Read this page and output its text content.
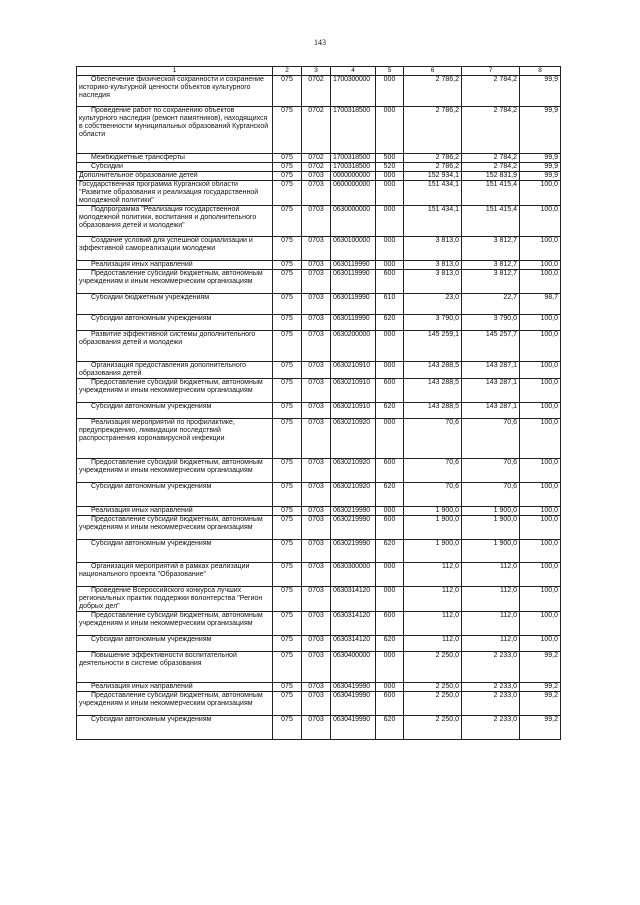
143
1	2	3	4	5	6	7	8

Обеспечение физической сохранности и сохранение историко-культурной ценности объектов культурного наследия	075	0702	1700300000	000	2 786,2	2 784,2	99,9

Проведение работ по сохранению объектов культурного наследия (ремонт памятников), находящихся в собственности муниципальных образований Курганской области	075	0702	1700318500	000	2 786,2	2 784,2	99,9

Межбюджетные трансферты	075	0702	1700318500	500	2 786,2	2 784,2	99,9

Субсидии	075	0702	1700318500	520	2 786,2	2 784,2	99,9
Дополнительное образование детей	075	0703	0000000000	000	152 934,1	152 831,9	99,9
Государственная программа Курганской области "Развитие образования и реализация государственной молодежной политики"	075	0703	0600000000	000	151 434,1	151 415,4	100,0

Подпрограмма "Реализация государственной молодежной политики, воспитания и дополнительного образования детей и молодежи"	075	0703	0630000000	000	151 434,1	151 415,4	100,0

Создание условий для успешной социализации и эффективной самореализации молодежи	075	0703	0630100000	000	3 813,0	3 812,7	100,0

Реализация иных направлений	075	0703	0630119990	000	3 813,0	3 812,7	100,0

Предоставление субсидий бюджетным, автономным учреждениям и иным некоммерческим организациям	075	0703	0630119990	600	3 813,0	3 812,7	100,0

Субсидии бюджетным учреждениям	075	0703	0630119990	610	23,0	22,7	98,7

Субсидии автономным учреждениям	075	0703	0630119990	620	3 790,0	3 790,0	100,0

Развитие эффективной системы дополнительного образования детей и молодежи	075	0703	0630200000	000	145 259,1	145 257,7	100,0

Организация предоставления дополнительного образования детей	075	0703	0630210910	000	143 288,5	143 287,1	100,0

Предоставление субсидий бюджетным, автономным учреждениям и иным некоммерческим организациям	075	0703	0630210910	600	143 288,5	143 287,1	100,0

Субсидии автономным учреждениям	075	0703	0630210910	620	143 288,5	143 287,1	100,0

Реализация мероприятий по профилактике, предупреждению, ликвидации последствий распространения коронавирусной инфекции	075	0703	0630210920	000	70,6	70,6	100,0

Предоставление субсидий бюджетным, автономным учреждениям и иным некоммерческим организациям	075	0703	0630210920	600	70,6	70,6	100,0

Субсидии автономным учреждениям	075	0703	0630210920	620	70,6	70,6	100,0

Реализация иных направлений	075	0703	0630219990	000	1 900,0	1 900,0	100,0

Предоставление субсидий бюджетным, автономным учреждениям и иным некоммерческим организациям	075	0703	0630219990	600	1 900,0	1 900,0	100,0

Субсидии автономным учреждениям	075	0703	0630219990	620	1 900,0	1 900,0	100,0

Организация мероприятий в рамках реализации национального проекта "Образование"	075	0703	0630300000	000	112,0	112,0	100,0

Проведение Всероссийского конкурса лучших региональных практик поддержки волонтерства "Регион добрых дел"	075	0703	0630314120	000	112,0	112,0	100,0

Предоставление субсидий бюджетным, автономным учреждениям и иным некоммерческим организациям	075	0703	0630314120	600	112,0	112,0	100,0

Субсидии автономным учреждениям	075	0703	0630314120	620	112,0	112,0	100,0

Повышение эффективности воспитательной деятельности в системе образования	075	0703	0630400000	000	2 250,0	2 233,0	99,2

Реализация иных направлений	075	0703	0630419990	000	2 250,0	2 233,0	99,2

Предоставление субсидий бюджетным, автономным учреждениям и иным некоммерческим организациям	075	0703	0630419990	600	2 250,0	2 233,0	99,2

Субсидии автономным учреждениям	075	0703	0630419990	620	2 250,0	2 233,0	99,2
